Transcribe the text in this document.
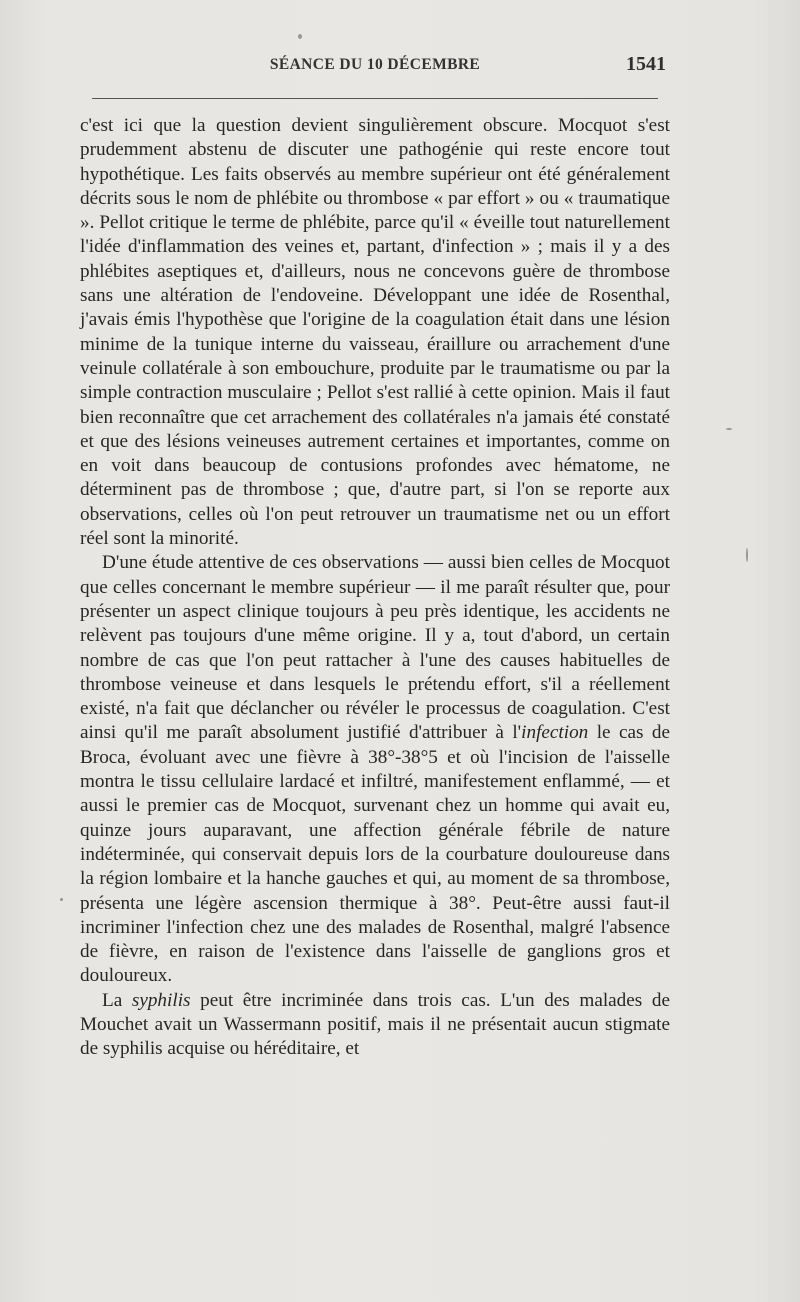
SÉANCE DU 10 DÉCEMBRE	1541

c'est ici que la question devient singulièrement obscure. Mocquot s'est prudemment abstenu de discuter une pathogénie qui reste encore tout hypothétique. Les faits observés au membre supérieur ont été généralement décrits sous le nom de phlébite ou thrombose « par effort » ou « traumatique ». Pellot critique le terme de phlébite, parce qu'il « éveille tout naturellement l'idée d'inflammation des veines et, partant, d'infection » ; mais il y a des phlébites aseptiques et, d'ailleurs, nous ne concevons guère de thrombose sans une altération de l'endoveine. Développant une idée de Rosenthal, j'avais émis l'hypothèse que l'origine de la coagulation était dans une lésion minime de la tunique interne du vaisseau, éraillure ou arrachement d'une veinule collatérale à son embouchure, produite par le traumatisme ou par la simple contraction musculaire ; Pellot s'est rallié à cette opinion. Mais il faut bien reconnaître que cet arrachement des collatérales n'a jamais été constaté et que des lésions veineuses autrement certaines et importantes, comme on en voit dans beaucoup de contusions profondes avec hématome, ne déterminent pas de thrombose ; que, d'autre part, si l'on se reporte aux observations, celles où l'on peut retrouver un traumatisme net ou un effort réel sont la minorité.

D'une étude attentive de ces observations — aussi bien celles de Mocquot que celles concernant le membre supérieur — il me paraît résulter que, pour présenter un aspect clinique toujours à peu près identique, les accidents ne relèvent pas toujours d'une même origine. Il y a, tout d'abord, un certain nombre de cas que l'on peut rattacher à l'une des causes habituelles de thrombose veineuse et dans lesquels le prétendu effort, s'il a réellement existé, n'a fait que déclancher ou révéler le processus de coagulation. C'est ainsi qu'il me paraît absolument justifié d'attribuer à l'infection le cas de Broca, évoluant avec une fièvre à 38°-38°5 et où l'incision de l'aisselle montra le tissu cellulaire lardacé et infiltré, manifestement enflammé, — et aussi le premier cas de Mocquot, survenant chez un homme qui avait eu, quinze jours auparavant, une affection générale fébrile de nature indéterminée, qui conservait depuis lors de la courbature douloureuse dans la région lombaire et la hanche gauches et qui, au moment de sa thrombose, présenta une légère ascension thermique à 38°. Peut-être aussi faut-il incriminer l'infection chez une des malades de Rosenthal, malgré l'absence de fièvre, en raison de l'existence dans l'aisselle de ganglions gros et douloureux.

La syphilis peut être incriminée dans trois cas. L'un des malades de Mouchet avait un Wassermann positif, mais il ne présentait aucun stigmate de syphilis acquise ou héréditaire, et
